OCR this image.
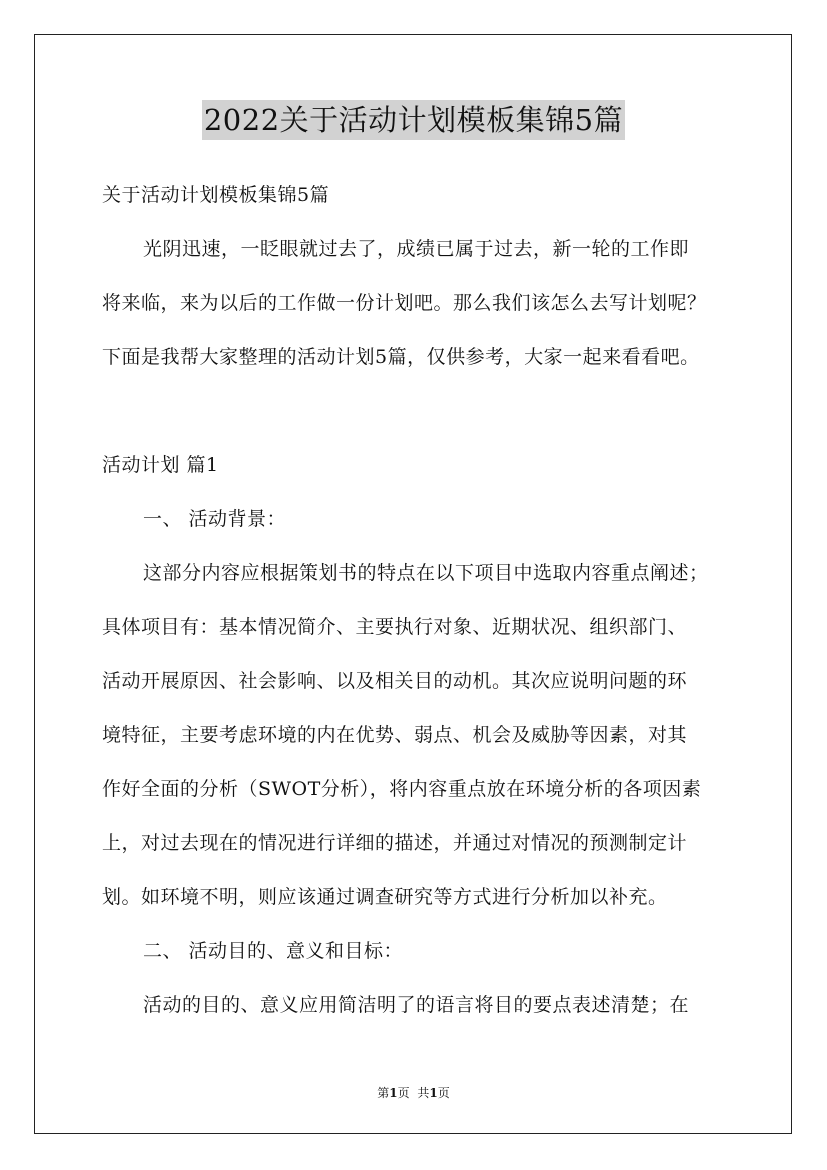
2022关于活动计划模板集锦5篇
关于活动计划模板集锦5篇
光阴迅速，一眨眼就过去了，成绩已属于过去，新一轮的工作即
将来临，来为以后的工作做一份计划吧。那么我们该怎么去写计划呢？
下面是我帮大家整理的活动计划5篇，仅供参考，大家一起来看看吧。
活动计划 篇1
一、 活动背景：
这部分内容应根据策划书的特点在以下项目中选取内容重点阐述；
具体项目有：基本情况简介、主要执行对象、近期状况、组织部门、
活动开展原因、社会影响、以及相关目的动机。其次应说明问题的环
境特征，主要考虑环境的内在优势、弱点、机会及威胁等因素，对其
作好全面的分析（SWOT分析），将内容重点放在环境分析的各项因素
上，对过去现在的情况进行详细的描述，并通过对情况的预测制定计
划。如环境不明，则应该通过调查研究等方式进行分析加以补充。
二、 活动目的、意义和目标：
活动的目的、意义应用简洁明了的语言将目的要点表述清楚；在
第1页 共1页
